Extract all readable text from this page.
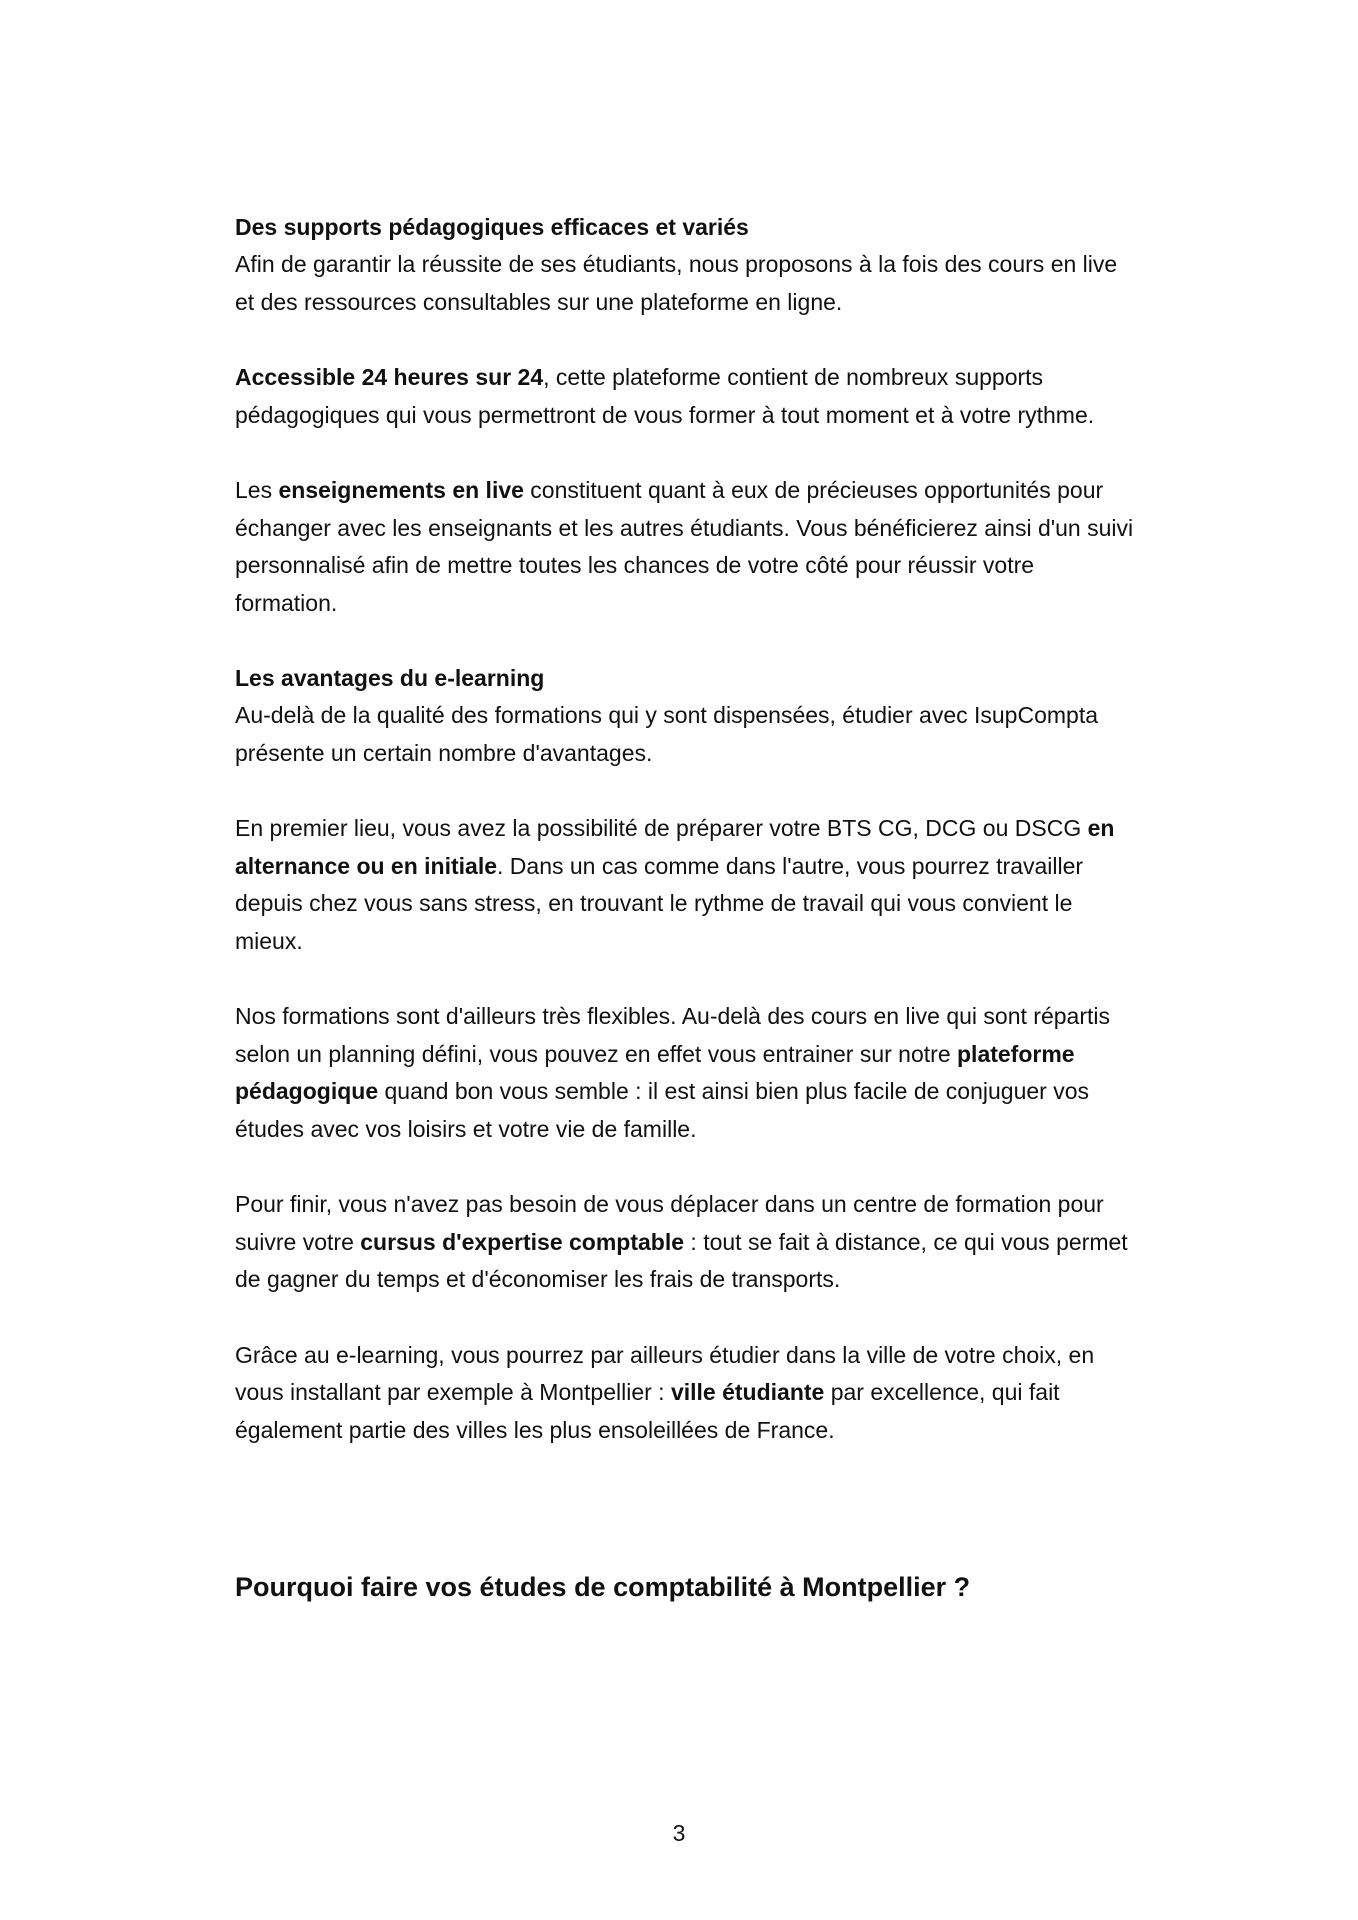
Des supports pédagogiques efficaces et variés

Afin de garantir la réussite de ses étudiants, nous proposons à la fois des cours en live et des ressources consultables sur une plateforme en ligne.

Accessible 24 heures sur 24, cette plateforme contient de nombreux supports pédagogiques qui vous permettront de vous former à tout moment et à votre rythme.

Les enseignements en live constituent quant à eux de précieuses opportunités pour échanger avec les enseignants et les autres étudiants. Vous bénéficierez ainsi d'un suivi personnalisé afin de mettre toutes les chances de votre côté pour réussir votre formation.

Les avantages du e-learning

Au-delà de la qualité des formations qui y sont dispensées, étudier avec IsupCompta présente un certain nombre d'avantages.

En premier lieu, vous avez la possibilité de préparer votre BTS CG, DCG ou DSCG en alternance ou en initiale. Dans un cas comme dans l'autre, vous pourrez travailler depuis chez vous sans stress, en trouvant le rythme de travail qui vous convient le mieux.

Nos formations sont d'ailleurs très flexibles. Au-delà des cours en live qui sont répartis selon un planning défini, vous pouvez en effet vous entrainer sur notre plateforme pédagogique quand bon vous semble : il est ainsi bien plus facile de conjuguer vos études avec vos loisirs et votre vie de famille.

Pour finir, vous n'avez pas besoin de vous déplacer dans un centre de formation pour suivre votre cursus d'expertise comptable : tout se fait à distance, ce qui vous permet de gagner du temps et d'économiser les frais de transports.

Grâce au e-learning, vous pourrez par ailleurs étudier dans la ville de votre choix, en vous installant par exemple à Montpellier : ville étudiante par excellence, qui fait également partie des villes les plus ensoleillées de France.

Pourquoi faire vos études de comptabilité à Montpellier ?
3
